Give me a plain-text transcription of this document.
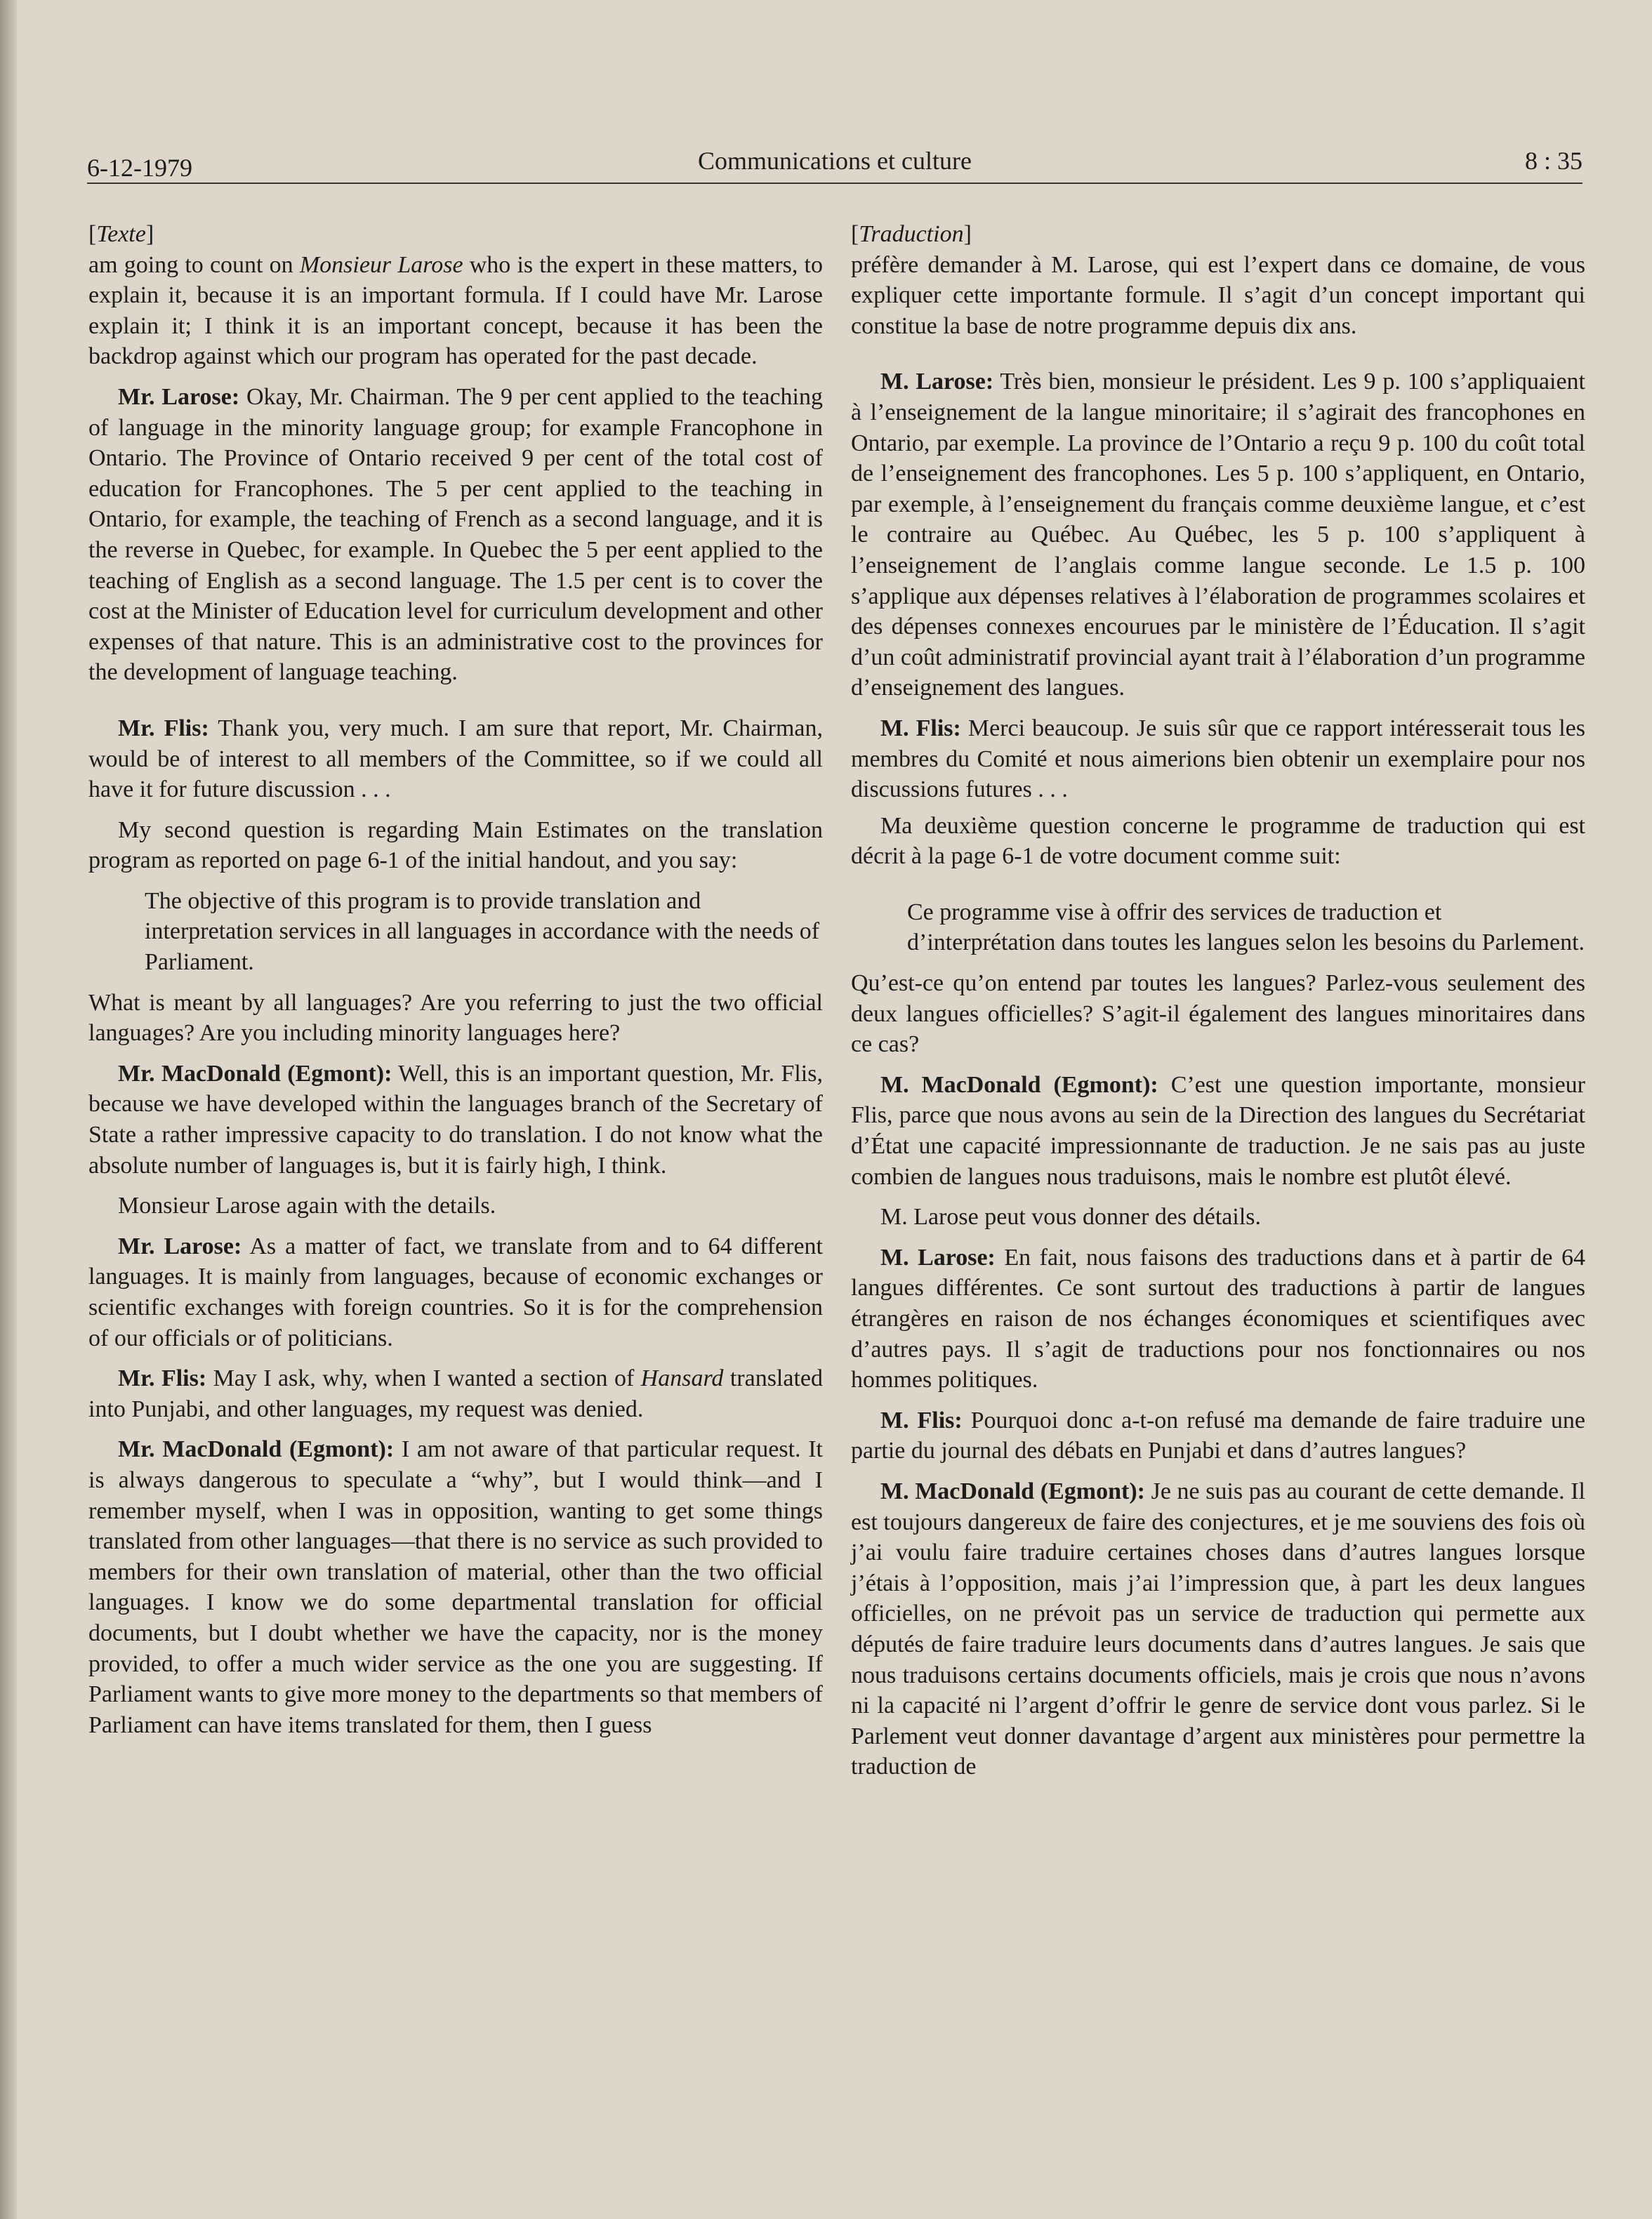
6-12-1979	Communications et culture	8 : 35

[Texte]

am going to count on Monsieur Larose who is the expert in these matters, to explain it, because it is an important formula. If I could have Mr. Larose explain it; I think it is an important concept, because it has been the backdrop against which our program has operated for the past decade.

Mr. Larose: Okay, Mr. Chairman. The 9 per cent applied to the teaching of language in the minority language group; for example Francophone in Ontario. The Province of Ontario received 9 per cent of the total cost of education for Francophones. The 5 per cent applied to the teaching in Ontario, for example, the teaching of French as a second language, and it is the reverse in Quebec, for example. In Quebec the 5 per eent applied to the teaching of English as a second language. The 1.5 per cent is to cover the cost at the Minister of Education level for curriculum development and other expenses of that nature. This is an administrative cost to the provinces for the development of language teaching.

Mr. Flis: Thank you, very much. I am sure that report, Mr. Chairman, would be of interest to all members of the Committee, so if we could all have it for future discussion . . .

My second question is regarding Main Estimates on the translation program as reported on page 6-1 of the initial handout, and you say:

The objective of this program is to provide translation and interpretation services in all languages in accordance with the needs of Parliament.

What is meant by all languages? Are you referring to just the two official languages? Are you including minority languages here?

Mr. MacDonald (Egmont): Well, this is an important question, Mr. Flis, because we have developed within the languages branch of the Secretary of State a rather impressive capacity to do translation. I do not know what the absolute number of languages is, but it is fairly high, I think.

Monsieur Larose again with the details.

Mr. Larose: As a matter of fact, we translate from and to 64 different languages. It is mainly from languages, because of economic exchanges or scientific exchanges with foreign countries. So it is for the comprehension of our officials or of politicians.

Mr. Flis: May I ask, why, when I wanted a section of Hansard translated into Punjabi, and other languages, my request was denied.

Mr. MacDonald (Egmont): I am not aware of that particular request. It is always dangerous to speculate a “why”, but I would think—and I remember myself, when I was in opposition, wanting to get some things translated from other languages—that there is no service as such provided to members for their own translation of material, other than the two official languages. I know we do some departmental translation for official documents, but I doubt whether we have the capacity, nor is the money provided, to offer a much wider service as the one you are suggesting. If Parliament wants to give more money to the departments so that members of Parliament can have items translated for them, then I guess

[Traduction]

préfère demander à M. Larose, qui est l’expert dans ce domaine, de vous expliquer cette importante formule. Il s’agit d’un concept important qui constitue la base de notre programme depuis dix ans.

M. Larose: Très bien, monsieur le président. Les 9 p. 100 s’appliquaient à l’enseignement de la langue minoritaire; il s’agirait des francophones en Ontario, par exemple. La province de l’Ontario a reçu 9 p. 100 du coût total de l’enseignement des francophones. Les 5 p. 100 s’appliquent, en Ontario, par exemple, à l’enseignement du français comme deuxième langue, et c’est le contraire au Québec. Au Québec, les 5 p. 100 s’appliquent à l’enseignement de l’anglais comme langue seconde. Le 1.5 p. 100 s’applique aux dépenses relatives à l’élaboration de programmes scolaires et des dépenses connexes encourues par le ministère de l’Éducation. Il s’agit d’un coût administratif provincial ayant trait à l’élaboration d’un programme d’enseignement des langues.

M. Flis: Merci beaucoup. Je suis sûr que ce rapport intéresserait tous les membres du Comité et nous aimerions bien obtenir un exemplaire pour nos discussions futures . . .

Ma deuxième question concerne le programme de traduction qui est décrit à la page 6-1 de votre document comme suit:

Ce programme vise à offrir des services de traduction et d’interprétation dans toutes les langues selon les besoins du Parlement.

Qu’est-ce qu’on entend par toutes les langues? Parlez-vous seulement des deux langues officielles? S’agit-il également des langues minoritaires dans ce cas?

M. MacDonald (Egmont): C’est une question importante, monsieur Flis, parce que nous avons au sein de la Direction des langues du Secrétariat d’État une capacité impressionnante de traduction. Je ne sais pas au juste combien de langues nous traduisons, mais le nombre est plutôt élevé.

M. Larose peut vous donner des détails.

M. Larose: En fait, nous faisons des traductions dans et à partir de 64 langues différentes. Ce sont surtout des traductions à partir de langues étrangères en raison de nos échanges économiques et scientifiques avec d’autres pays. Il s’agit de traductions pour nos fonctionnaires ou nos hommes politiques.

M. Flis: Pourquoi donc a-t-on refusé ma demande de faire traduire une partie du journal des débats en Punjabi et dans d’autres langues?

M. MacDonald (Egmont): Je ne suis pas au courant de cette demande. Il est toujours dangereux de faire des conjectures, et je me souviens des fois où j’ai voulu faire traduire certaines choses dans d’autres langues lorsque j’étais à l’opposition, mais j’ai l’impression que, à part les deux langues officielles, on ne prévoit pas un service de traduction qui permette aux députés de faire traduire leurs documents dans d’autres langues. Je sais que nous traduisons certains documents officiels, mais je crois que nous n’avons ni la capacité ni l’argent d’offrir le genre de service dont vous parlez. Si le Parlement veut donner davantage d’argent aux ministères pour permettre la traduction de
